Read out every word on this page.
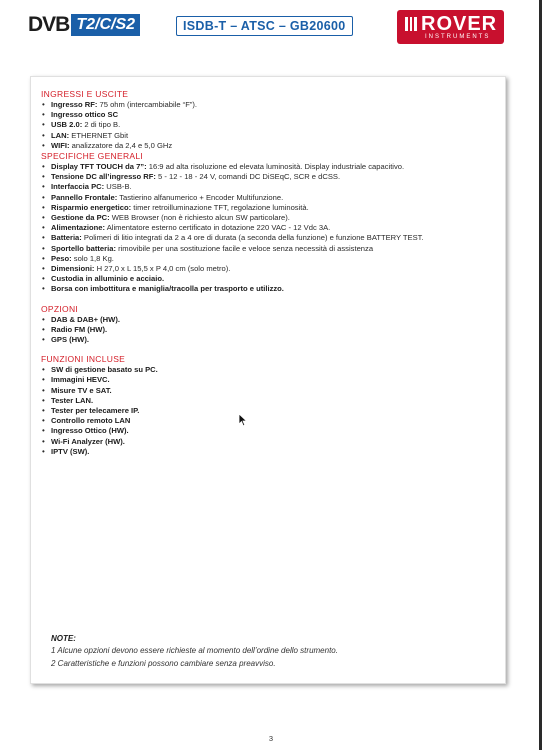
DVB T2/C/S2	ISDB-T – ATSC – GB20600	ROVER
INSTRUMENTS
INGRESSI E USCITE
• Ingresso RF: 75 ohm (intercambiabile “F”).
• Ingresso ottico SC
• USB 2.0: 2 di tipo B.
• LAN: ETHERNET Gbit
• WIFI: analizzatore da 2,4 e 5,0 GHz
SPECIFICHE GENERALI
• Display TFT TOUCH da 7”: 16:9 ad alta risoluzione ed elevata luminosità. Display industriale capacitivo.
• Tensione DC all’ingresso RF: 5 - 12 - 18 - 24 V, comandi DC DiSEqC, SCR e dCSS.
• Interfaccia PC: USB-B.
• Pannello Frontale: Tastierino alfanumerico + Encoder Multifunzione.
• Risparmio energetico: timer retroilluminazione TFT, regolazione luminosità.
• Gestione da PC: WEB Browser (non è richiesto alcun SW particolare).
• Alimentazione: Alimentatore esterno certificato in dotazione 220 VAC - 12 Vdc 3A.
• Batteria: Polimeri di litio integrati da 2 a 4 ore di durata (a seconda della funzione) e funzione BATTERY TEST.
• Sportello batteria: rimovibile per una sostituzione facile e veloce senza necessità di assistenza
• Peso: solo 1,8 Kg.
• Dimensioni: H 27,0 x L 15,5 x P 4,0 cm (solo metro).
• Custodia in alluminio e acciaio.
• Borsa con imbottitura e maniglia/tracolla per trasporto e utilizzo.
OPZIONI
• DAB & DAB+ (HW).
• Radio FM (HW).
• GPS (HW).
FUNZIONI INCLUSE
• SW di gestione basato su PC.
• Immagini HEVC.
• Misure TV e SAT.
• Tester LAN.
• Tester per telecamere IP.
• Controllo remoto LAN
• Ingresso Ottico (HW).
• Wi-Fi Analyzer (HW).
• IPTV (SW).
NOTE:
1 Alcune opzioni devono essere richieste al momento dell’ordine dello strumento.
2 Caratteristiche e funzioni possono cambiare senza preavviso.
3
